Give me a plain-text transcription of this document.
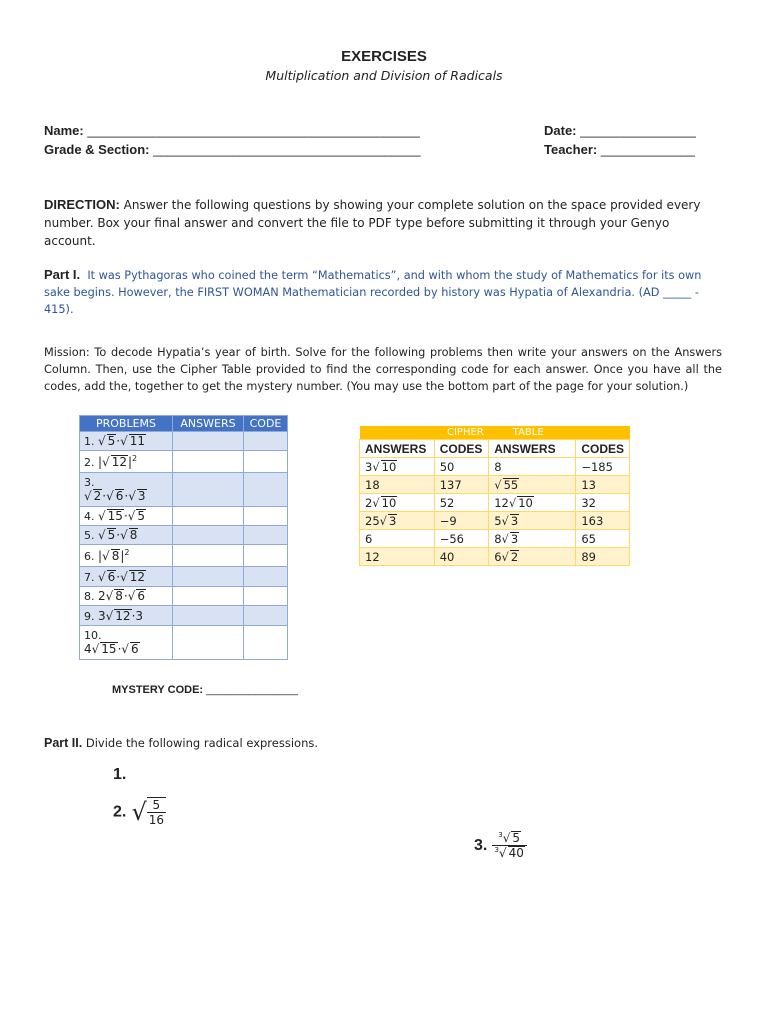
EXERCISES
Multiplication and Division of Radicals
Name: ______________________________________________	Date: ________________
Grade & Section: _____________________________________	Teacher: _____________
DIRECTION: Answer the following questions by showing your complete solution on the space provided every number. Box your final answer and convert the file to PDF type before submitting it through your Genyo account.
Part I. It was Pythagoras who coined the term “Mathematics”, and with whom the study of Mathematics for its own sake begins. However, the FIRST WOMAN Mathematician recorded by history was Hypatia of Alexandria. (AD _____ - 415).
Mission: To decode Hypatia’s year of birth. Solve for the following problems then write your answers on the Answers Column. Then, use the Cipher Table provided to find the corresponding code for each answer. Once you have all the codes, add the, together to get the mystery number. (You may use the bottom part of the page for your solution.)
PROBLEMS	ANSWERS	CODE
1. √ 5·√ 11		
2. |√ $12|^2$		
3.
√ 2·√ 6·√ 3		
4. √ 15·√ 5		
5. √ 5·√ 8		
6. |√ $8|^2$		
7. √ 6·√ 12		
8. 2√ 8·√ 6		
9. 3√ 12·3		
10.
4√ 15·√ 6		
	CIPHER	TABLE	
ANSWERS	CODES	ANSWERS	CODES
3√ 10	50	8	−185
18	137	√ 55	13
2√ 10	52	12√ 10	32
25√ 3	−9	5√ 3	163
6	−56	8√ 3	65
12	40	6√ 2	89
MYSTERY CODE: _______________
Part II. Divide the following radical expressions.
1.
2. √ $\frac{5}{16}$
3. $\frac{^3√ 5}{^3√ 40}$
